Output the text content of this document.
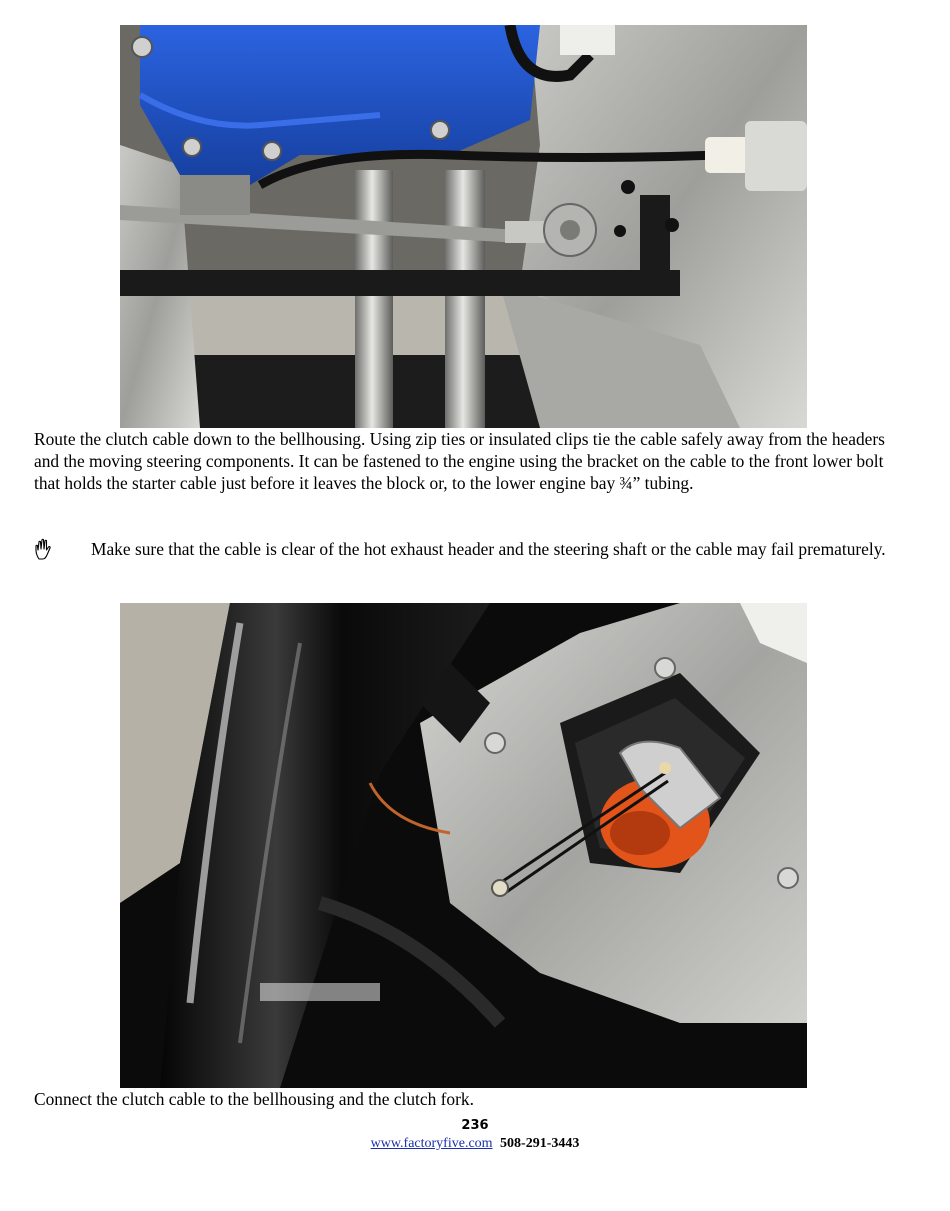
Route the clutch cable down to the bellhousing. Using zip ties or insulated clips tie the cable safely away from the headers and the moving steering components. It can be fastened to the engine using the bracket on the cable to the front lower bolt that holds the starter cable just before it leaves the block or, to the lower engine bay ¾” tubing.

Make sure that the cable is clear of the hot exhaust header and the steering shaft or the cable may fail prematurely.

Connect the clutch cable to the bellhousing and the clutch fork.

236
www.factoryfive.com 508-291-3443
